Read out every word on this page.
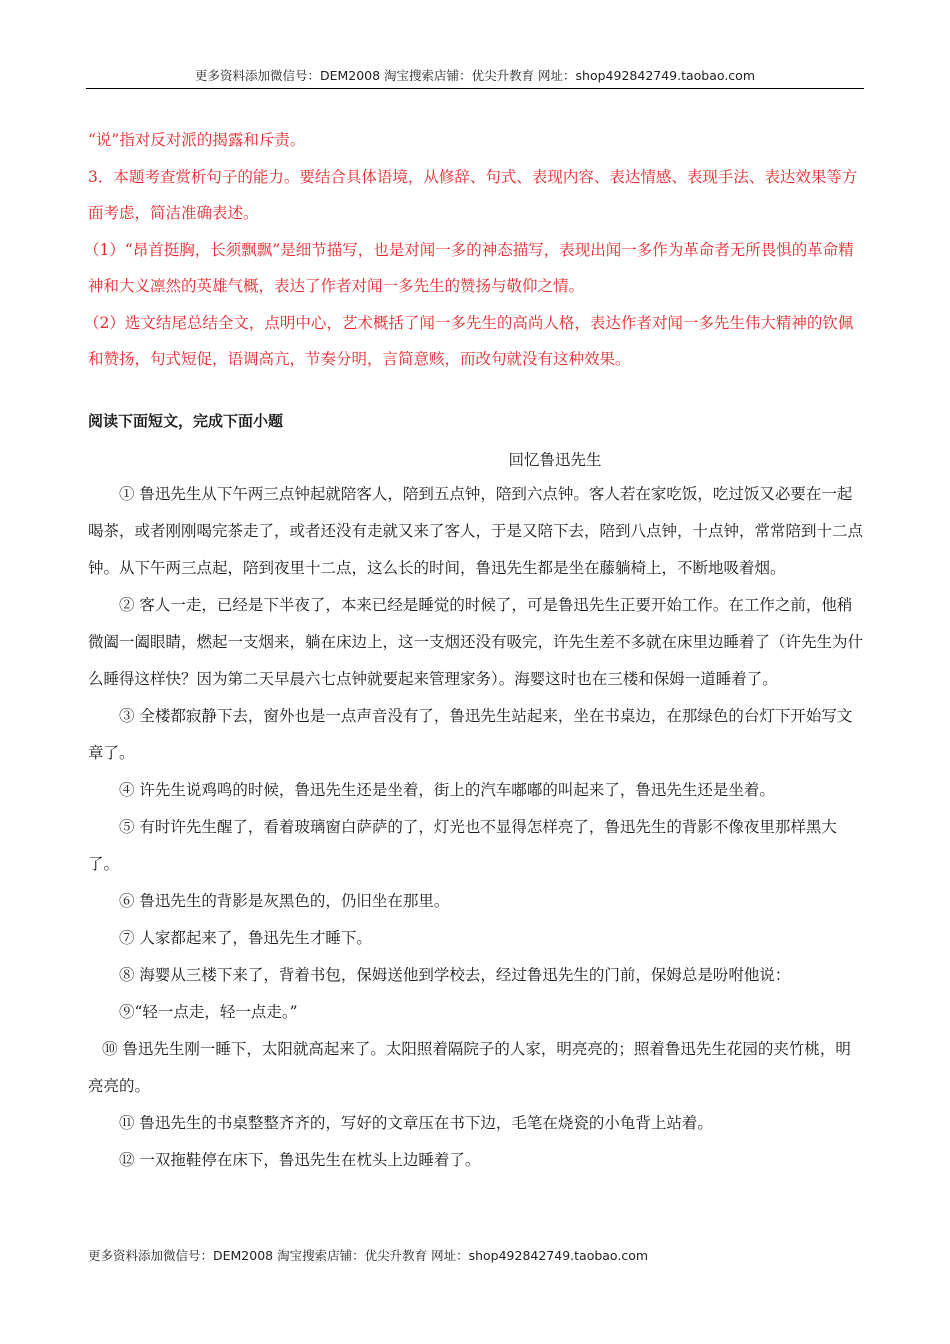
更多资料添加微信号：DEM2008 淘宝搜索店铺：优尖升教育 网址：shop492842749.taobao.com

“说”指对反对派的揭露和斥责。

3．本题考查赏析句子的能力。要结合具体语境，从修辞、句式、表现内容、表达情感、表现手法、表达效果等方面考虑，简洁准确表述。

（1）“昂首挺胸，长须飘飘”是细节描写，也是对闻一多的神态描写，表现出闻一多作为革命者无所畏惧的革命精神和大义凛然的英雄气概，表达了作者对闻一多先生的赞扬与敬仰之情。

（2）选文结尾总结全文，点明中心，艺术概括了闻一多先生的高尚人格，表达作者对闻一多先生伟大精神的钦佩和赞扬，句式短促，语调高亢，节奏分明，言简意赅，而改句就没有这种效果。

阅读下面短文，完成下面小题
回忆鲁迅先生

① 鲁迅先生从下午两三点钟起就陪客人，陪到五点钟，陪到六点钟。客人若在家吃饭，吃过饭又必要在一起喝茶，或者刚刚喝完茶走了，或者还没有走就又来了客人，于是又陪下去，陪到八点钟，十点钟，常常陪到十二点钟。从下午两三点起，陪到夜里十二点，这么长的时间，鲁迅先生都是坐在藤躺椅上，不断地吸着烟。

② 客人一走，已经是下半夜了，本来已经是睡觉的时候了，可是鲁迅先生正要开始工作。在工作之前，他稍微阖一阖眼睛，燃起一支烟来，躺在床边上，这一支烟还没有吸完，许先生差不多就在床里边睡着了（许先生为什么睡得这样快？因为第二天早晨六七点钟就要起来管理家务）。海婴这时也在三楼和保姆一道睡着了。

③ 全楼都寂静下去，窗外也是一点声音没有了，鲁迅先生站起来，坐在书桌边，在那绿色的台灯下开始写文章了。

④ 许先生说鸡鸣的时候，鲁迅先生还是坐着，街上的汽车嘟嘟的叫起来了，鲁迅先生还是坐着。

⑤ 有时许先生醒了，看着玻璃窗白萨萨的了，灯光也不显得怎样亮了，鲁迅先生的背影不像夜里那样黑大了。

⑥ 鲁迅先生的背影是灰黑色的，仍旧坐在那里。

⑦ 人家都起来了，鲁迅先生才睡下。

⑧ 海婴从三楼下来了，背着书包，保姆送他到学校去，经过鲁迅先生的门前，保姆总是吩咐他说：

⑨“轻一点走，轻一点走。”

⑩ 鲁迅先生刚一睡下，太阳就高起来了。太阳照着隔院子的人家，明亮亮的；照着鲁迅先生花园的夹竹桃，明亮亮的。

⑪ 鲁迅先生的书桌整整齐齐的，写好的文章压在书下边，毛笔在烧瓷的小龟背上站着。

⑫ 一双拖鞋停在床下，鲁迅先生在枕头上边睡着了。

更多资料添加微信号：DEM2008 淘宝搜索店铺：优尖升教育 网址：shop492842749.taobao.com
